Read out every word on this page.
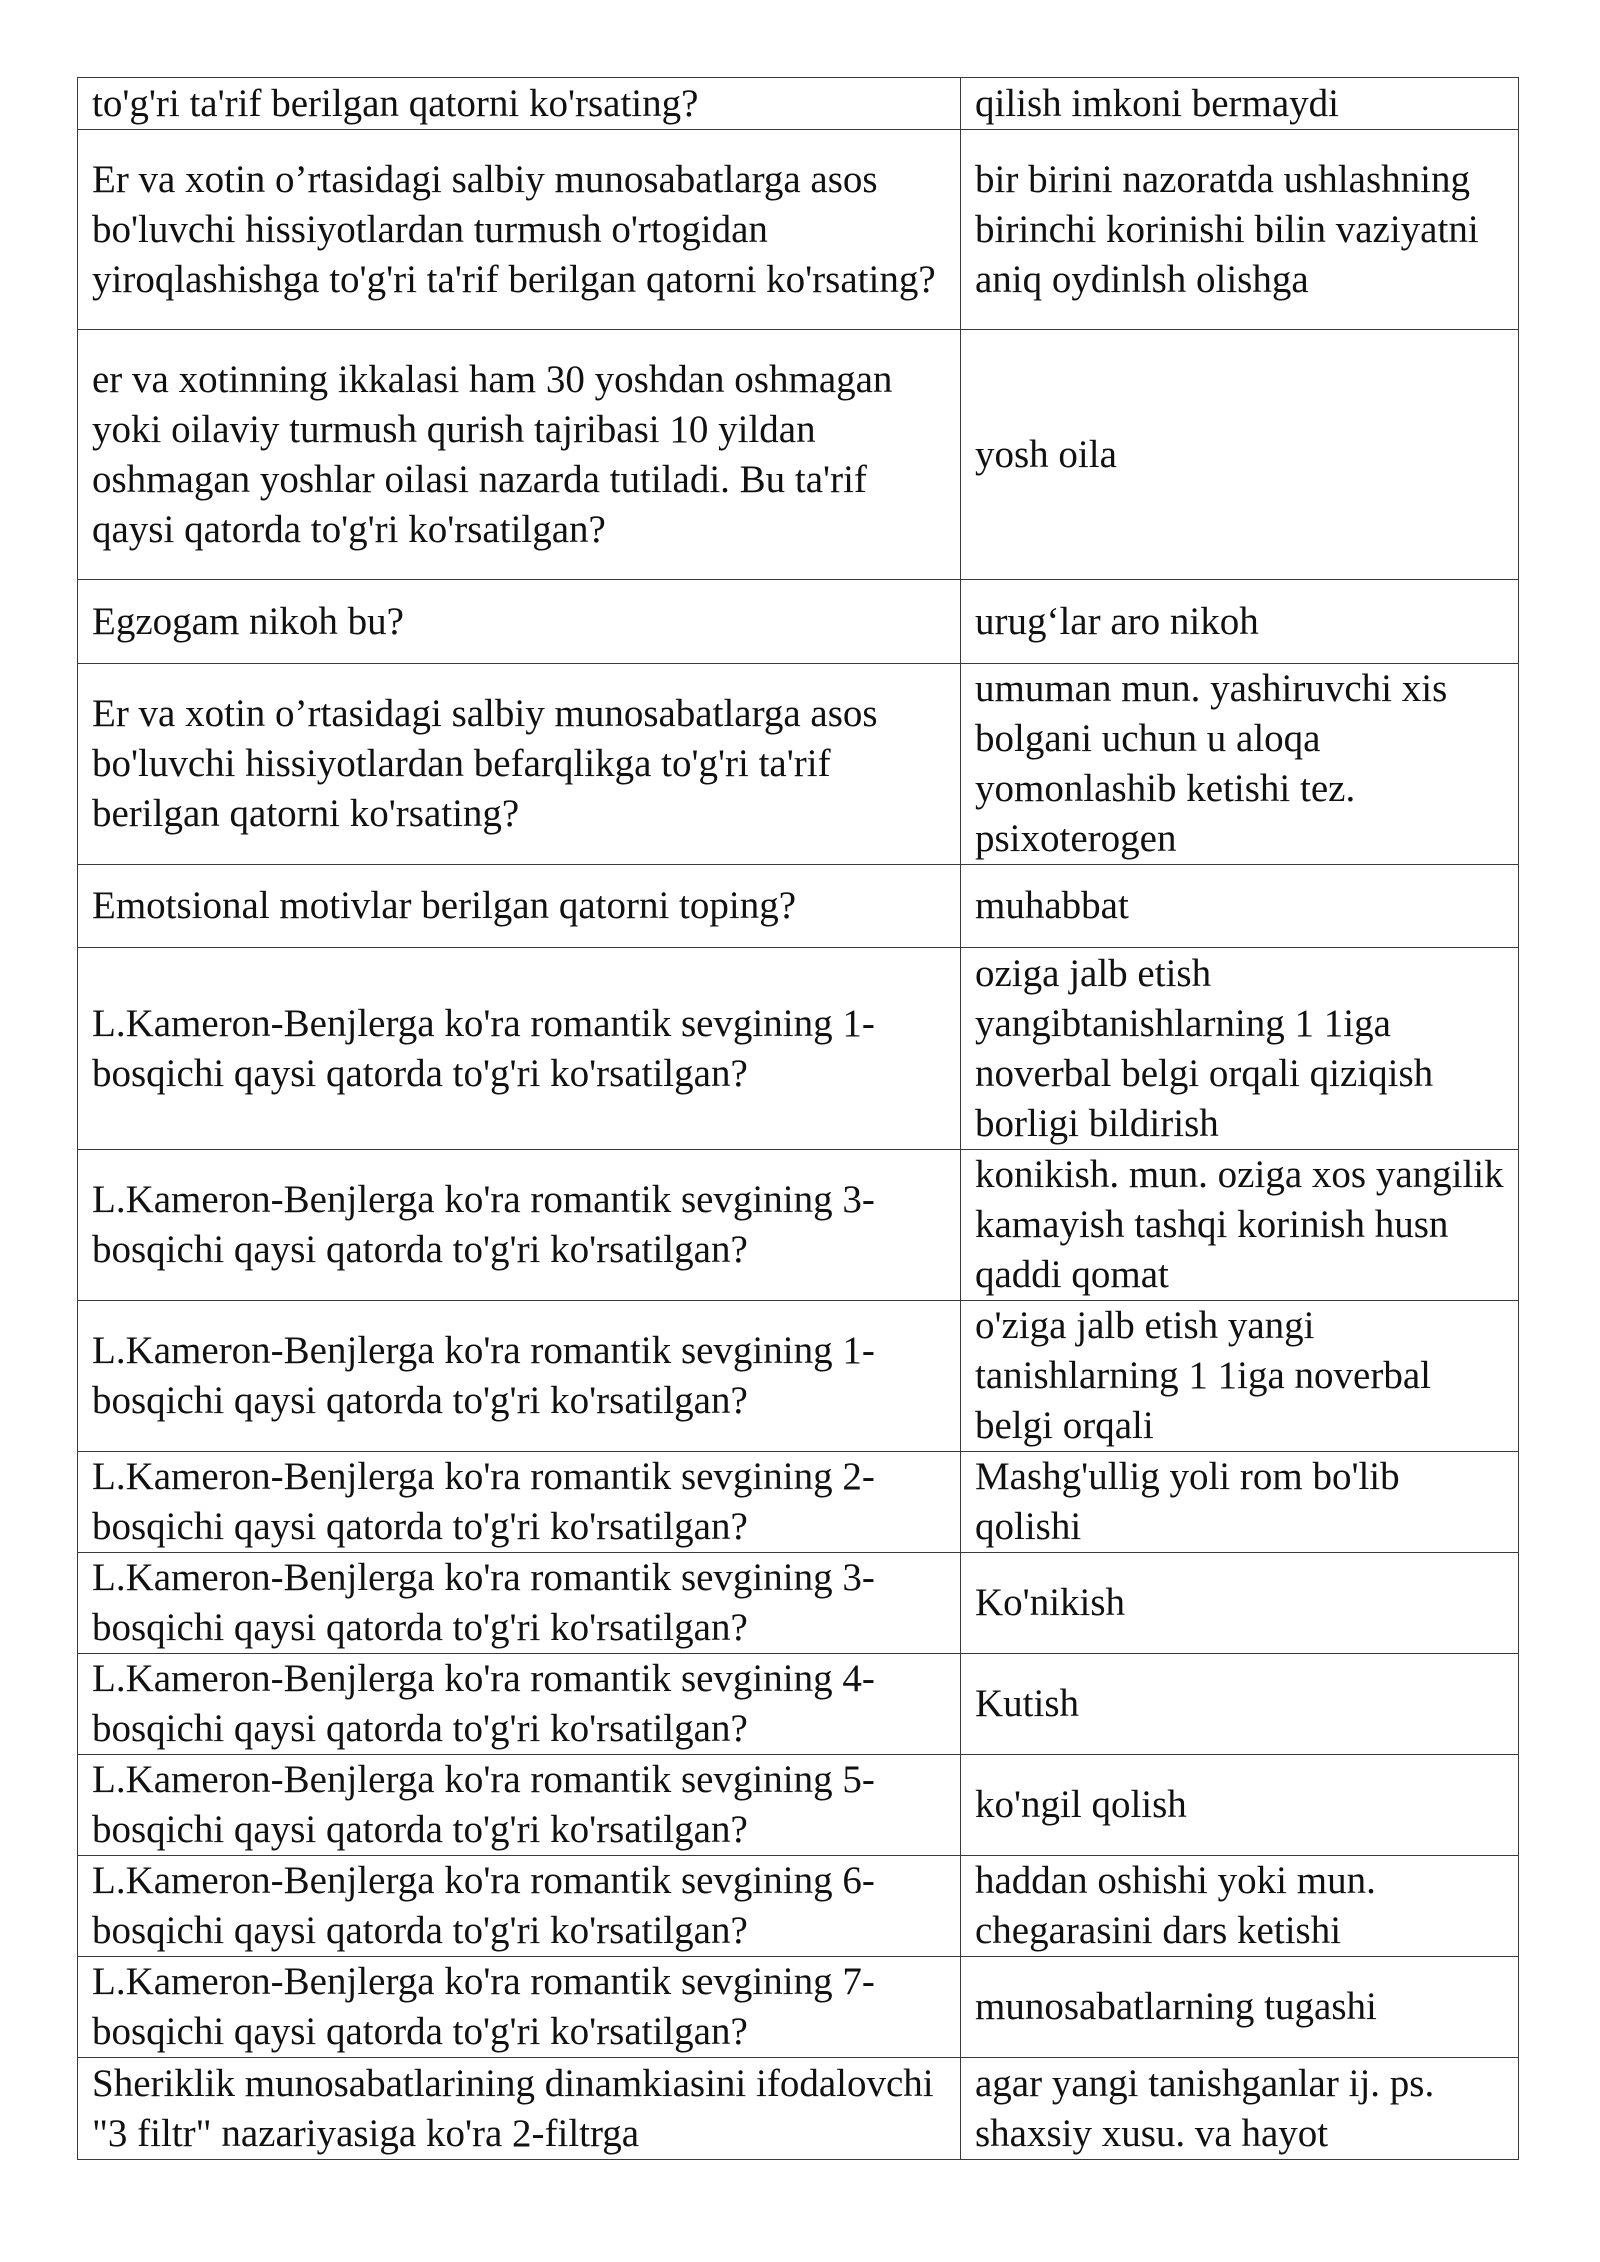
to'g'ri ta'rif berilgan qatorni ko'rsating?	qilish imkoni bermaydi
Er va xotin o’rtasidagi salbiy munosabatlarga asos bo'luvchi hissiyotlardan turmush o'rtogidan yiroqlashishga to'g'ri ta'rif berilgan qatorni ko'rsating?	bir birini nazoratda ushlashning birinchi korinishi bilin vaziyatni aniq oydinlsh olishga
er va xotinning ikkalasi ham 30 yoshdan oshmagan yoki oilaviy turmush qurish tajribasi 10 yildan oshmagan yoshlar oilasi nazarda tutiladi. Bu ta'rif qaysi qatorda to'g'ri ko'rsatilgan?	yosh oila
Egzogam nikoh bu?	urug‘lar aro nikoh
Er va xotin o’rtasidagi salbiy munosabatlarga asos bo'luvchi hissiyotlardan befarqlikga to'g'ri ta'rif berilgan qatorni ko'rsating?	umuman mun. yashiruvchi xis bolgani uchun u aloqa yomonlashib ketishi tez. psixoterogen
Emotsional motivlar berilgan qatorni toping?	muhabbat
L.Kameron-Benjlerga ko'ra romantik sevgining 1-bosqichi qaysi qatorda to'g'ri ko'rsatilgan?	oziga jalb etish yangibtanishlarning 1 1iga noverbal belgi orqali qiziqish borligi bildirish
L.Kameron-Benjlerga ko'ra romantik sevgining 3-bosqichi qaysi qatorda to'g'ri ko'rsatilgan?	konikish. mun. oziga xos yangilik kamayish tashqi korinish husn qaddi qomat
L.Kameron-Benjlerga ko'ra romantik sevgining 1-bosqichi qaysi qatorda to'g'ri ko'rsatilgan?	o'ziga jalb etish yangi tanishlarning 1 1iga noverbal belgi orqali
L.Kameron-Benjlerga ko'ra romantik sevgining 2-bosqichi qaysi qatorda to'g'ri ko'rsatilgan?	Mashg'ullig yoli rom bo'lib qolishi
L.Kameron-Benjlerga ko'ra romantik sevgining 3-bosqichi qaysi qatorda to'g'ri ko'rsatilgan?	Ko'nikish
L.Kameron-Benjlerga ko'ra romantik sevgining 4-bosqichi qaysi qatorda to'g'ri ko'rsatilgan?	Kutish
L.Kameron-Benjlerga ko'ra romantik sevgining 5-bosqichi qaysi qatorda to'g'ri ko'rsatilgan?	ko'ngil qolish
L.Kameron-Benjlerga ko'ra romantik sevgining 6-bosqichi qaysi qatorda to'g'ri ko'rsatilgan?	haddan oshishi yoki mun. chegarasini dars ketishi
L.Kameron-Benjlerga ko'ra romantik sevgining 7-bosqichi qaysi qatorda to'g'ri ko'rsatilgan?	munosabatlarning tugashi
Sheriklik munosabatlarining dinamkiasini ifodalovchi "3 filtr" nazariyasiga ko'ra 2-filtrga	agar yangi tanishganlar ij. ps. shaxsiy xusu. va hayot
